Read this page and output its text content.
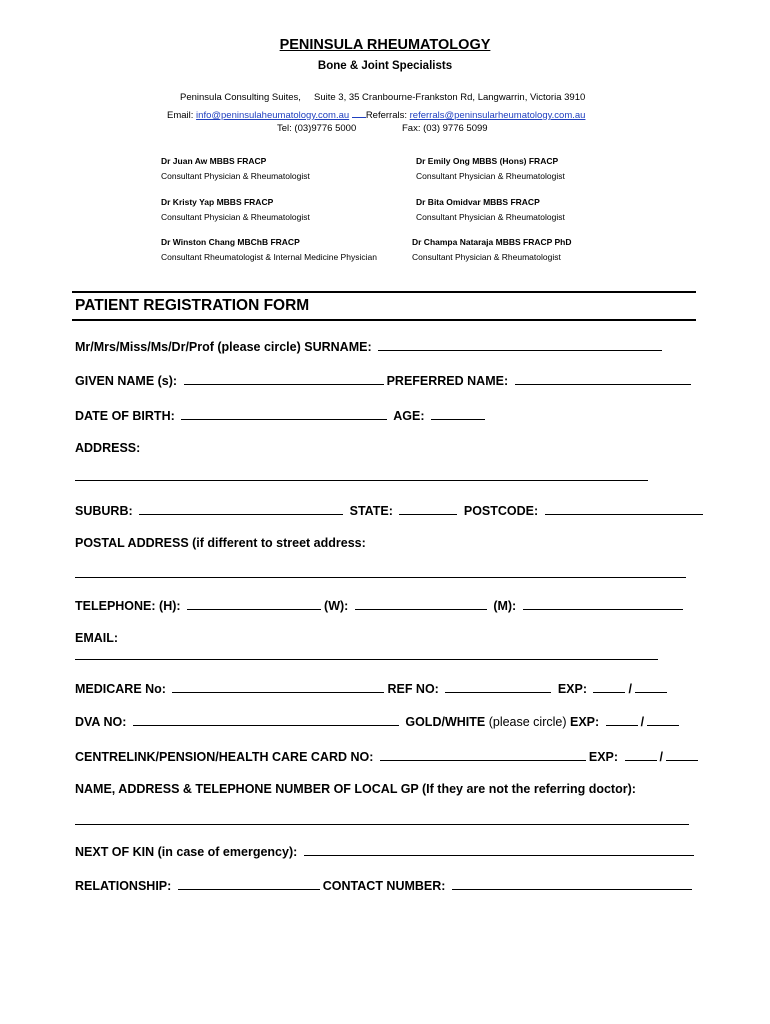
PENINSULA RHEUMATOLOGY
Bone & Joint Specialists
Peninsula Consulting Suites, Suite 3, 35 Cranbourne-Frankston Rd, Langwarrin, Victoria 3910
Email: info@peninsulaheumatology.com.au Referrals: referrals@peninsularheumatology.com.au
Tel: (03)9776 5000	Fax: (03) 9776 5099
Dr Juan Aw MBBS FRACP
Consultant Physician & Rheumatologist
Dr Emily Ong MBBS (Hons) FRACP
Consultant Physician & Rheumatologist
Dr Kristy Yap MBBS FRACP
Consultant Physician & Rheumatologist
Dr Bita Omidvar MBBS FRACP
Consultant Physician & Rheumatologist
Dr Winston Chang MBChB FRACP
Consultant Rheumatologist & Internal Medicine Physician
Dr Champa Nataraja MBBS FRACP PhD
Consultant Physician & Rheumatologist
PATIENT REGISTRATION FORM
Mr/Mrs/Miss/Ms/Dr/Prof (please circle) SURNAME:
GIVEN NAME (s):	PREFERRED NAME:
DATE OF BIRTH:	AGE:
ADDRESS:
SUBURB:	STATE:	POSTCODE:
POSTAL ADDRESS (if different to street address:
TELEPHONE: (H):	(W):	(M):
EMAIL:
MEDICARE No:	REF NO:	EXP:	/
DVA NO:	GOLD/WHITE (please circle) EXP:	/
CENTRELINK/PENSION/HEALTH CARE CARD NO:	EXP:	/
NAME, ADDRESS & TELEPHONE NUMBER OF LOCAL GP (If they are not the referring doctor):
NEXT OF KIN (in case of emergency):
RELATIONSHIP:	CONTACT NUMBER:
